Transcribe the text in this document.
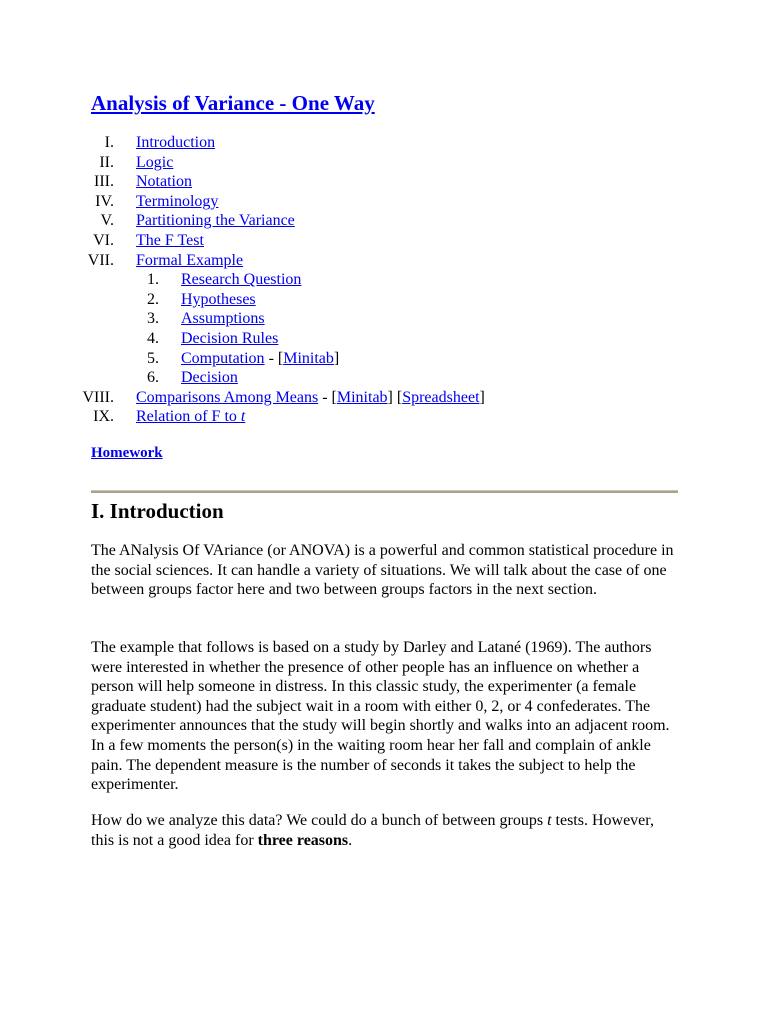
Analysis of Variance - One Way
I. Introduction
II. Logic
III. Notation
IV. Terminology
V. Partitioning the Variance
VI. The F Test
VII. Formal Example
1. Research Question
2. Hypotheses
3. Assumptions
4. Decision Rules
5. Computation - [Minitab]
6. Decision
VIII. Comparisons Among Means - [Minitab] [Spreadsheet]
IX. Relation of F to t
Homework
I. Introduction

The ANalysis Of VAriance (or ANOVA) is a powerful and common statistical procedure in the social sciences. It can handle a variety of situations. We will talk about the case of one between groups factor here and two between groups factors in the next section.

The example that follows is based on a study by Darley and Latané (1969). The authors were interested in whether the presence of other people has an influence on whether a person will help someone in distress. In this classic study, the experimenter (a female graduate student) had the subject wait in a room with either 0, 2, or 4 confederates. The experimenter announces that the study will begin shortly and walks into an adjacent room. In a few moments the person(s) in the waiting room hear her fall and complain of ankle pain. The dependent measure is the number of seconds it takes the subject to help the experimenter.

How do we analyze this data? We could do a bunch of between groups t tests. However, this is not a good idea for three reasons.
